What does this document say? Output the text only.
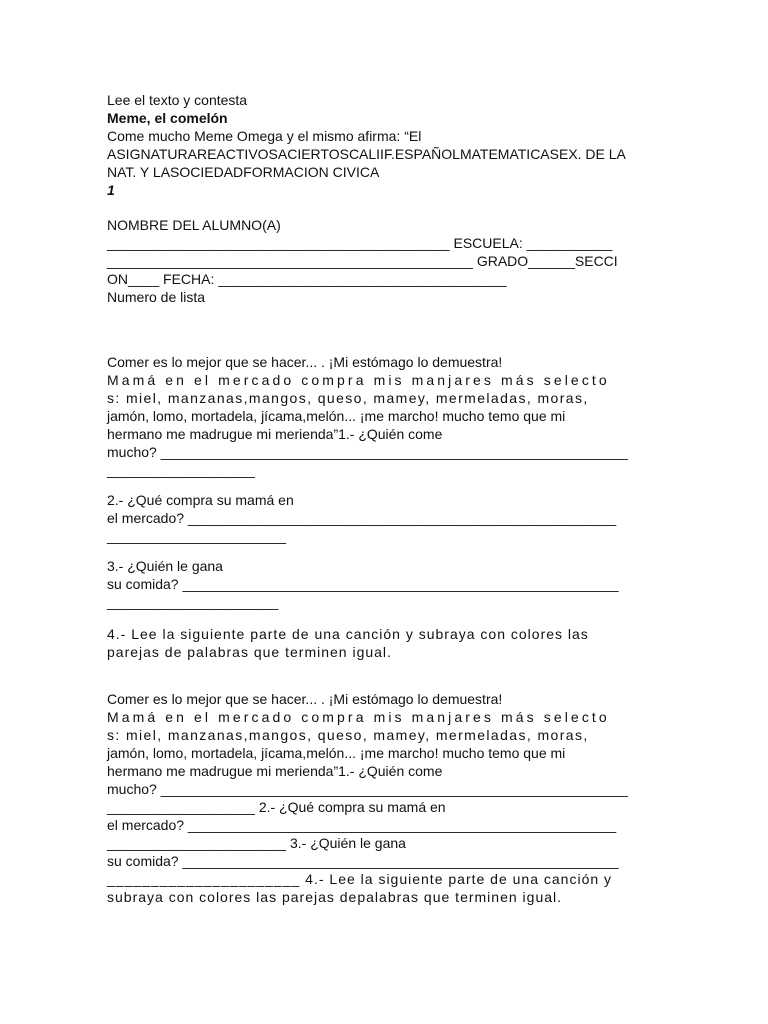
Lee el texto y contesta
Meme, el comelón
Come mucho Meme Omega y el mismo afirma: “El
ASIGNATURAREACTIVOSACIERTOSCALIIF.ESPAÑOLMATEMATICASEX. DE LA
NAT. Y LASOCIEDADFORMACION CIVICA
1
NOMBRE DEL ALUMNO(A)
____________________________________________ ESCUELA: ___________
_______________________________________________ GRADO______SECCI
ON____ FECHA: _____________________________________
Numero de lista
Comer es lo mejor que se hacer... . ¡Mi estómago lo demuestra!
Mamá en el mercado compra mis manjares más selecto
s: miel, manzanas,mangos, queso, mamey, mermeladas, moras,
jamón, lomo, mortadela, jícama,melón... ¡me marcho! mucho temo que mi
hermano me madrugue mi merienda”1.- ¿Quién come
mucho? ____________________________________________________________
___________________
2.- ¿Qué compra su mamá en
el mercado? _______________________________________________________
_______________________
3.- ¿Quién le gana
su comida? ________________________________________________________
______________________
4.- Lee la siguiente parte de una canción y subraya con colores las
parejas de palabras que terminen igual.
Comer es lo mejor que se hacer... . ¡Mi estómago lo demuestra!
Mamá en el mercado compra mis manjares más selecto
s: miel, manzanas,mangos, queso, mamey, mermeladas, moras,
jamón, lomo, mortadela, jícama,melón... ¡me marcho! mucho temo que mi
hermano me madrugue mi merienda”1.- ¿Quién come
mucho? ____________________________________________________________
___________________ 2.- ¿Qué compra su mamá en
el mercado? _______________________________________________________
_______________________ 3.- ¿Quién le gana
su comida? ________________________________________________________
______________________ 4.- Lee la siguiente parte de una canción y
subraya con colores las parejas depalabras que terminen igual.
